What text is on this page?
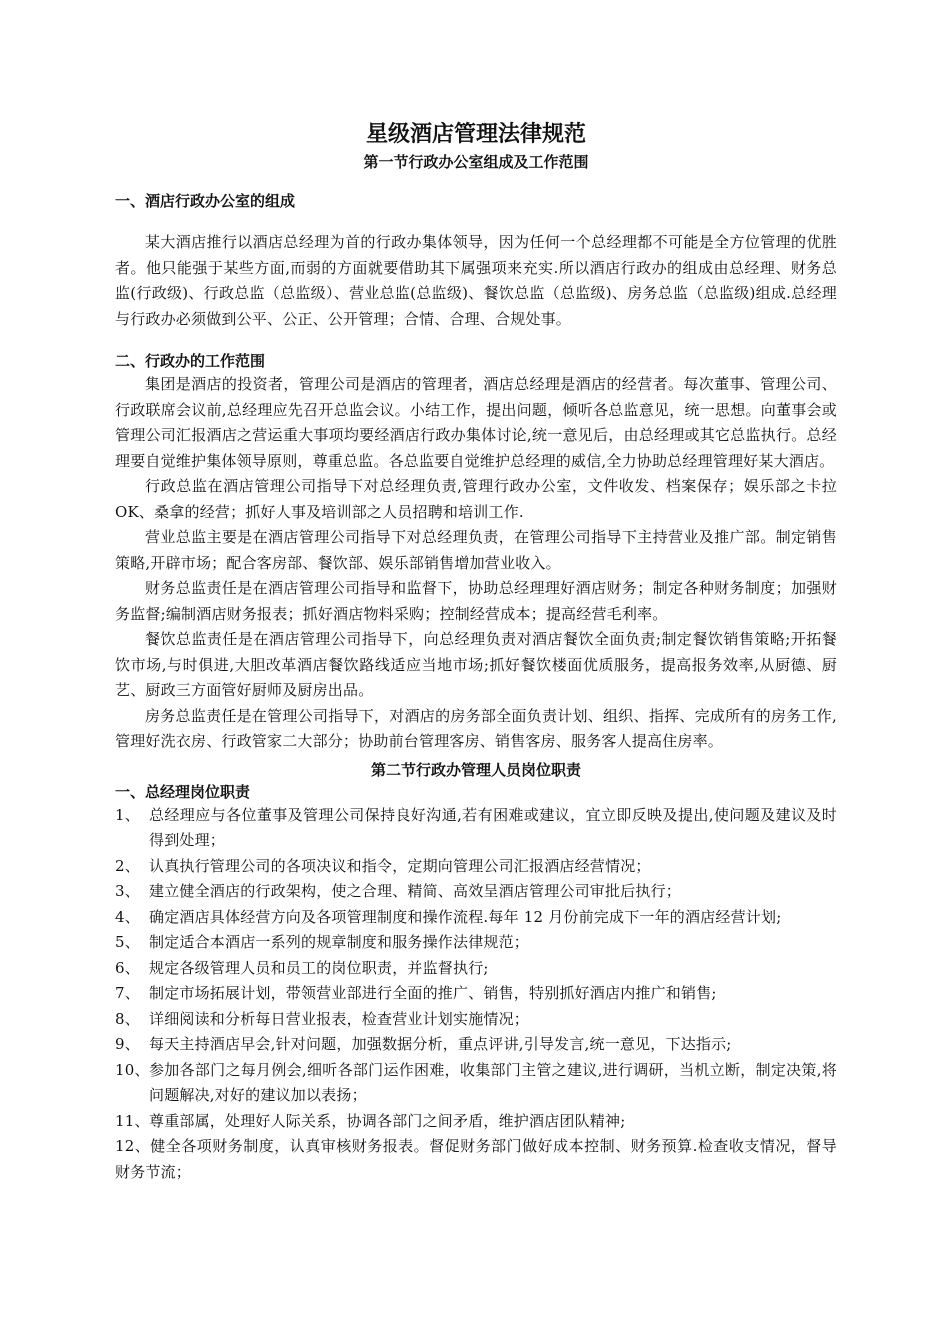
星级酒店管理法律规范
第一节行政办公室组成及工作范围
一、酒店行政办公室的组成

某大酒店推行以酒店总经理为首的行政办集体领导，因为任何一个总经理都不可能是全方位管理的优胜者。他只能强于某些方面,而弱的方面就要借助其下属强项来充实.所以酒店行政办的组成由总经理、财务总监(行政级)、行政总监（总监级）、营业总监(总监级)、餐饮总监（总监级)、房务总监（总监级)组成.总经理与行政办必须做到公平、公正、公开管理；合情、合理、合规处事。

二、行政办的工作范围

集团是酒店的投资者，管理公司是酒店的管理者，酒店总经理是酒店的经营者。每次董事、管理公司、行政联席会议前,总经理应先召开总监会议。小结工作，提出问题，倾听各总监意见，统一思想。向董事会或管理公司汇报酒店之营运重大事项均要经酒店行政办集体讨论,统一意见后，由总经理或其它总监执行。总经理要自觉维护集体领导原则，尊重总监。各总监要自觉维护总经理的威信,全力协助总经理管理好某大酒店。

行政总监在酒店管理公司指导下对总经理负责,管理行政办公室，文件收发、档案保存；娱乐部之卡拉 OK、桑拿的经营；抓好人事及培训部之人员招聘和培训工作.

营业总监主要是在酒店管理公司指导下对总经理负责，在管理公司指导下主持营业及推广部。制定销售策略,开辟市场；配合客房部、餐饮部、娱乐部销售增加营业收入。

财务总监责任是在酒店管理公司指导和监督下，协助总经理理好酒店财务；制定各种财务制度；加强财务监督;编制酒店财务报表；抓好酒店物料采购；控制经营成本；提高经营毛利率。

餐饮总监责任是在酒店管理公司指导下，向总经理负责对酒店餐饮全面负责;制定餐饮销售策略;开拓餐饮市场,与时俱进,大胆改革酒店餐饮路线适应当地市场;抓好餐饮楼面优质服务，提高报务效率,从厨德、厨艺、厨政三方面管好厨师及厨房出品。

房务总监责任是在管理公司指导下，对酒店的房务部全面负责计划、组织、指挥、完成所有的房务工作,管理好洗衣房、行政管家二大部分；协助前台管理客房、销售客房、服务客人提高住房率。

第二节行政办管理人员岗位职责
一、总经理岗位职责
1、 总经理应与各位董事及管理公司保持良好沟通,若有困难或建议，宜立即反映及提出,使问题及建议及时得到处理；
2、 认真执行管理公司的各项决议和指令，定期向管理公司汇报酒店经营情况；
3、 建立健全酒店的行政架构，使之合理、精简、高效呈酒店管理公司审批后执行；
4、 确定酒店具体经营方向及各项管理制度和操作流程.每年 12 月份前完成下一年的酒店经营计划;
5、 制定适合本酒店一系列的规章制度和服务操作法律规范；
6、 规定各级管理人员和员工的岗位职责，并监督执行;
7、 制定市场拓展计划，带领营业部进行全面的推广、销售，特别抓好酒店内推广和销售;
8、 详细阅读和分析每日营业报表，检查营业计划实施情况；
9、 每天主持酒店早会,针对问题，加强数据分析，重点评讲,引导发言,统一意见，下达指示;
10、 参加各部门之每月例会,细听各部门运作困难，收集部门主管之建议,进行调研，当机立断，制定决策,将问题解决,对好的建议加以表扬；
11、 尊重部属，处理好人际关系，协调各部门之间矛盾，维护酒店团队精神;
12、健全各项财务制度，认真审核财务报表。督促财务部门做好成本控制、财务预算.检查收支情况，督导财务节流；
